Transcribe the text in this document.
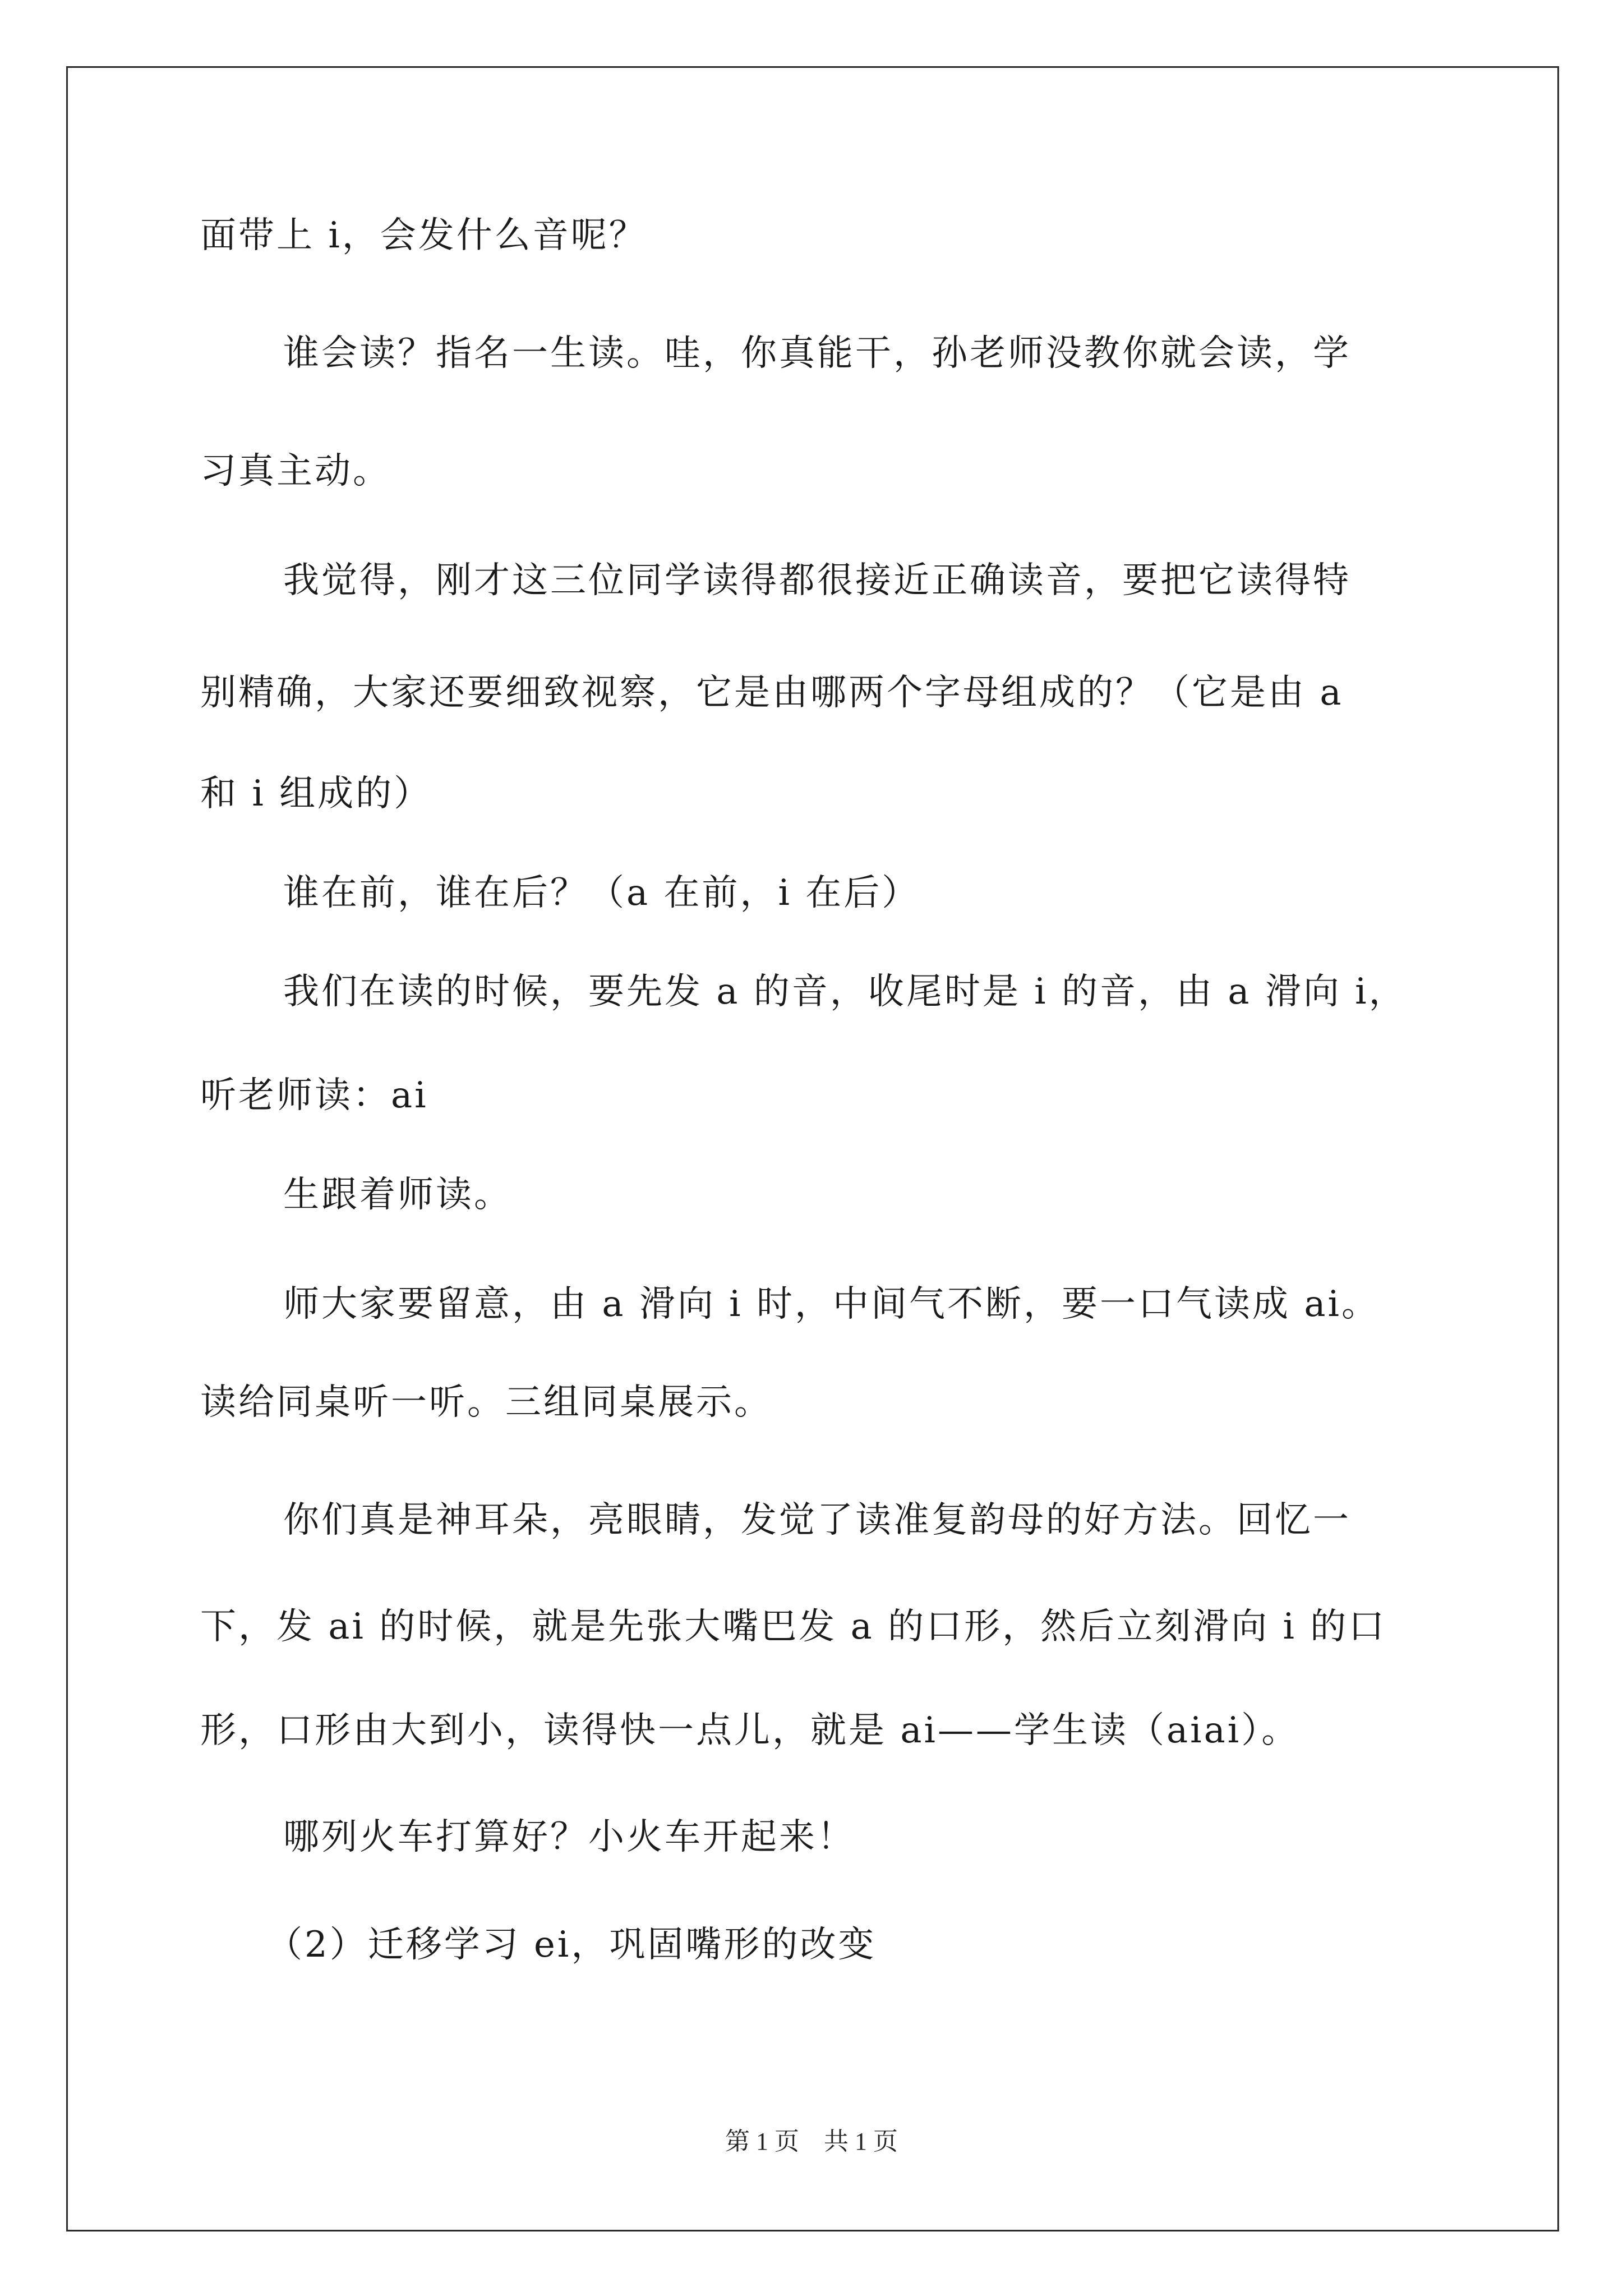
面带上 i，会发什么音呢？
谁会读？指名一生读。哇，你真能干，孙老师没教你就会读，学
习真主动。
我觉得，刚才这三位同学读得都很接近正确读音，要把它读得特
别精确，大家还要细致视察，它是由哪两个字母组成的？（它是由 a
和 i 组成的）
谁在前，谁在后？（a 在前，i 在后）
我们在读的时候，要先发 a 的音，收尾时是 i 的音，由 a 滑向 i，
听老师读：ai
生跟着师读。
师大家要留意，由 a 滑向 i 时，中间气不断，要一口气读成 ai。
读给同桌听一听。三组同桌展示。
你们真是神耳朵，亮眼睛，发觉了读准复韵母的好方法。回忆一
下，发 ai 的时候，就是先张大嘴巴发 a 的口形，然后立刻滑向 i 的口
形，口形由大到小，读得快一点儿，就是 ai——学生读（aiai）。
哪列火车打算好？小火车开起来！
（2）迁移学习 ei，巩固嘴形的改变
第 1 页　共 1 页
